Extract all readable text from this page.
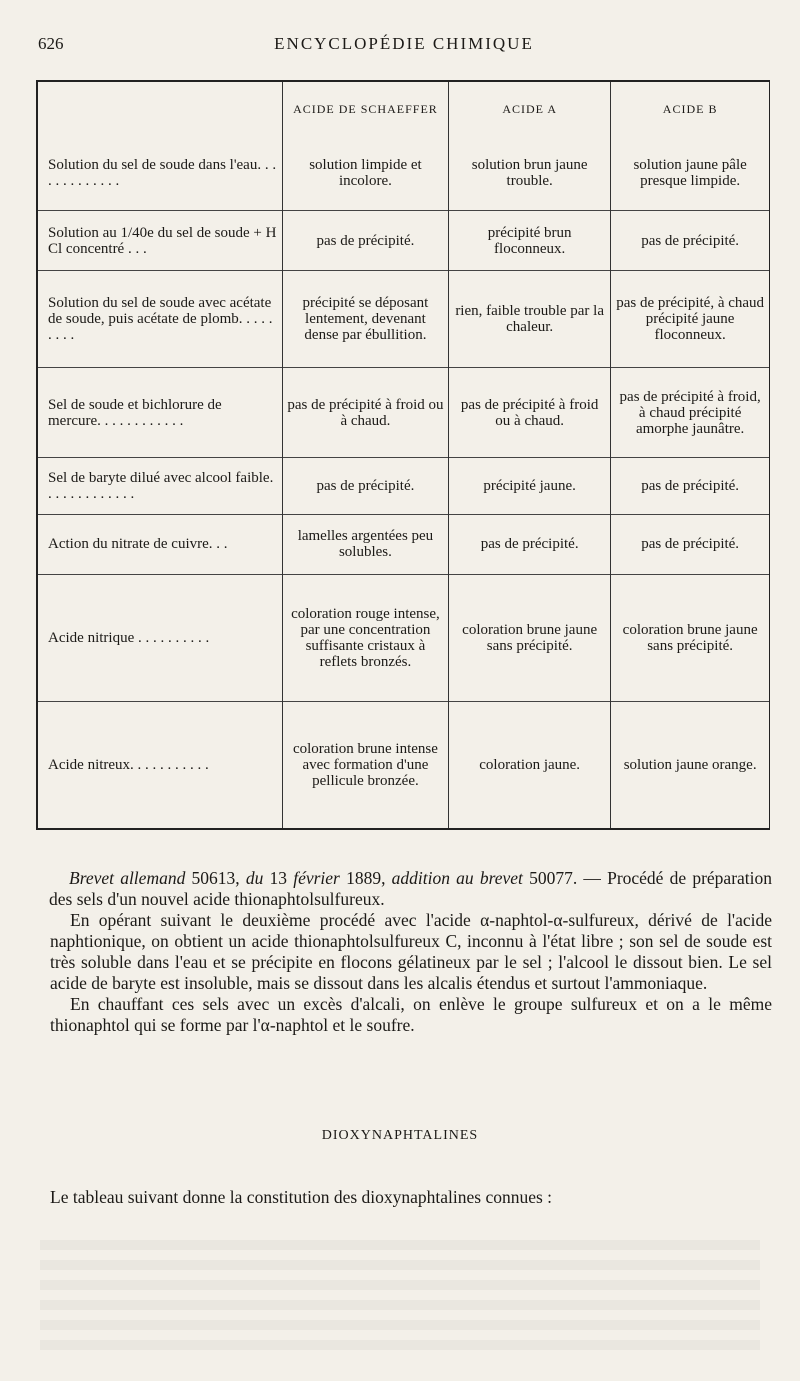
626	ENCYCLOPÉDIE CHIMIQUE
	ACIDE DE SCHAEFFER	ACIDE A	ACIDE B
Solution du sel de soude dans l'eau. . . . . . . . . . . . .	solution limpide et incolore.	solution brun jaune trouble.	solution jaune pâle presque limpide.
Solution au 1/40e du sel de soude + H Cl concentré . . .	pas de précipité.	précipité brun floconneux.	pas de précipité.
Solution du sel de soude avec acétate de soude, puis acétate de plomb. . . . . . . . .	précipité se déposant lentement, devenant dense par ébullition.	rien, faible trouble par la chaleur.	pas de précipité, à chaud précipité jaune floconneux.
Sel de soude et bichlorure de mercure. . . . . . . . . . . .	pas de précipité à froid ou à chaud.	pas de précipité à froid ou à chaud.	pas de précipité à froid, à chaud précipité amorphe jaunâtre.
Sel de baryte dilué avec alcool faible. . . . . . . . . . . . .	pas de précipité.	précipité jaune.	pas de précipité.
Action du nitrate de cuivre. . .	lamelles argentées peu solubles.	pas de précipité.	pas de précipité.
Acide nitrique . . . . . . . . . .	coloration rouge intense, par une concentration suffisante cristaux à reflets bronzés.	coloration brune jaune sans précipité.	coloration brune jaune sans précipité.
Acide nitreux. . . . . . . . . . .	coloration brune intense avec formation d'une pellicule bronzée.	coloration jaune.	solution jaune orange.

Brevet allemand 50613, du 13 février 1889, addition au brevet 50077. — Procédé de préparation des sels d'un nouvel acide thionaphtolsulfureux.

En opérant suivant le deuxième procédé avec l'acide α-naphtol-α-sulfureux, dérivé de l'acide naphtionique, on obtient un acide thionaphtolsulfureux C, inconnu à l'état libre ; son sel de soude est très soluble dans l'eau et se précipite en flocons gélatineux par le sel ; l'alcool le dissout bien. Le sel acide de baryte est insoluble, mais se dissout dans les alcalis étendus et surtout l'ammoniaque.

En chauffant ces sels avec un excès d'alcali, on enlève le groupe sulfureux et on a le même thionaphtol qui se forme par l'α-naphtol et le soufre.

DIOXYNAPHTALINES
Le tableau suivant donne la constitution des dioxynaphtalines connues :
